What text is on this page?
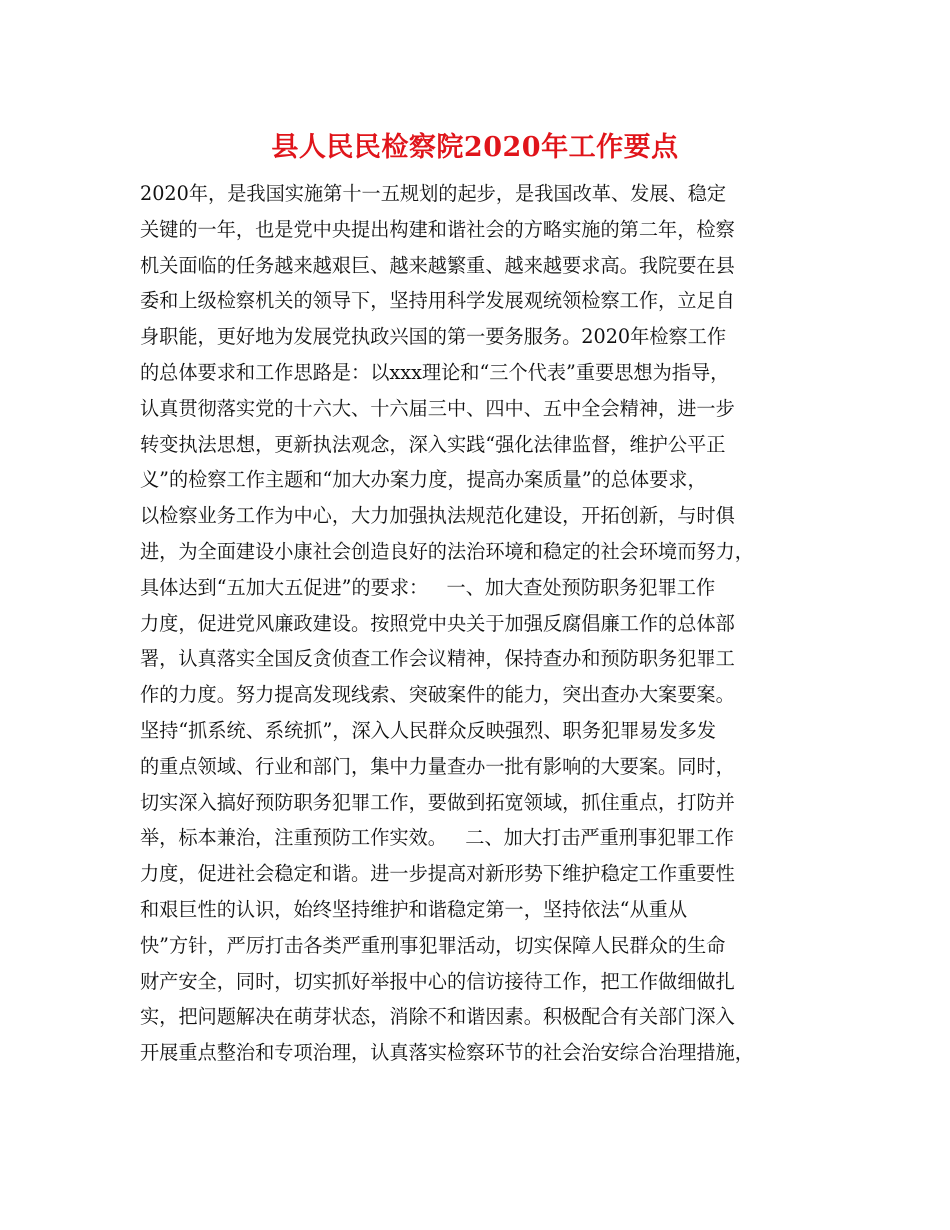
县人民民检察院2020年工作要点
2020年，是我国实施第十一五规划的起步，是我国改革、发展、稳定
关键的一年，也是党中央提出构建和谐社会的方略实施的第二年，检察
机关面临的任务越来越艰巨、越来越繁重、越来越要求高。我院要在县
委和上级检察机关的领导下，坚持用科学发展观统领检察工作，立足自
身职能，更好地为发展党执政兴国的第一要务服务。2020年检察工作
的总体要求和工作思路是：以xxx理论和“三个代表”重要思想为指导，
认真贯彻落实党的十六大、十六届三中、四中、五中全会精神，进一步
转变执法思想，更新执法观念，深入实践“强化法律监督，维护公平正
义”的检察工作主题和“加大办案力度，提高办案质量”的总体要求，
以检察业务工作为中心，大力加强执法规范化建设，开拓创新，与时俱
进，为全面建设小康社会创造良好的法治环境和稳定的社会环境而努力，
具体达到“五加大五促进”的要求：   一、加大查处预防职务犯罪工作
力度，促进党风廉政建设。按照党中央关于加强反腐倡廉工作的总体部
署，认真落实全国反贪侦查工作会议精神，保持查办和预防职务犯罪工
作的力度。努力提高发现线索、突破案件的能力，突出查办大案要案。
坚持“抓系统、系统抓”，深入人民群众反映强烈、职务犯罪易发多发
的重点领域、行业和部门，集中力量查办一批有影响的大要案。同时，
切实深入搞好预防职务犯罪工作，要做到拓宽领域，抓住重点，打防并
举，标本兼治，注重预防工作实效。   二、加大打击严重刑事犯罪工作
力度，促进社会稳定和谐。进一步提高对新形势下维护稳定工作重要性
和艰巨性的认识，始终坚持维护和谐稳定第一，坚持依法“从重从
快”方针，严厉打击各类严重刑事犯罪活动，切实保障人民群众的生命
财产安全，同时，切实抓好举报中心的信访接待工作，把工作做细做扎
实，把问题解决在萌芽状态，消除不和谐因素。积极配合有关部门深入
开展重点整治和专项治理，认真落实检察环节的社会治安综合治理措施，
